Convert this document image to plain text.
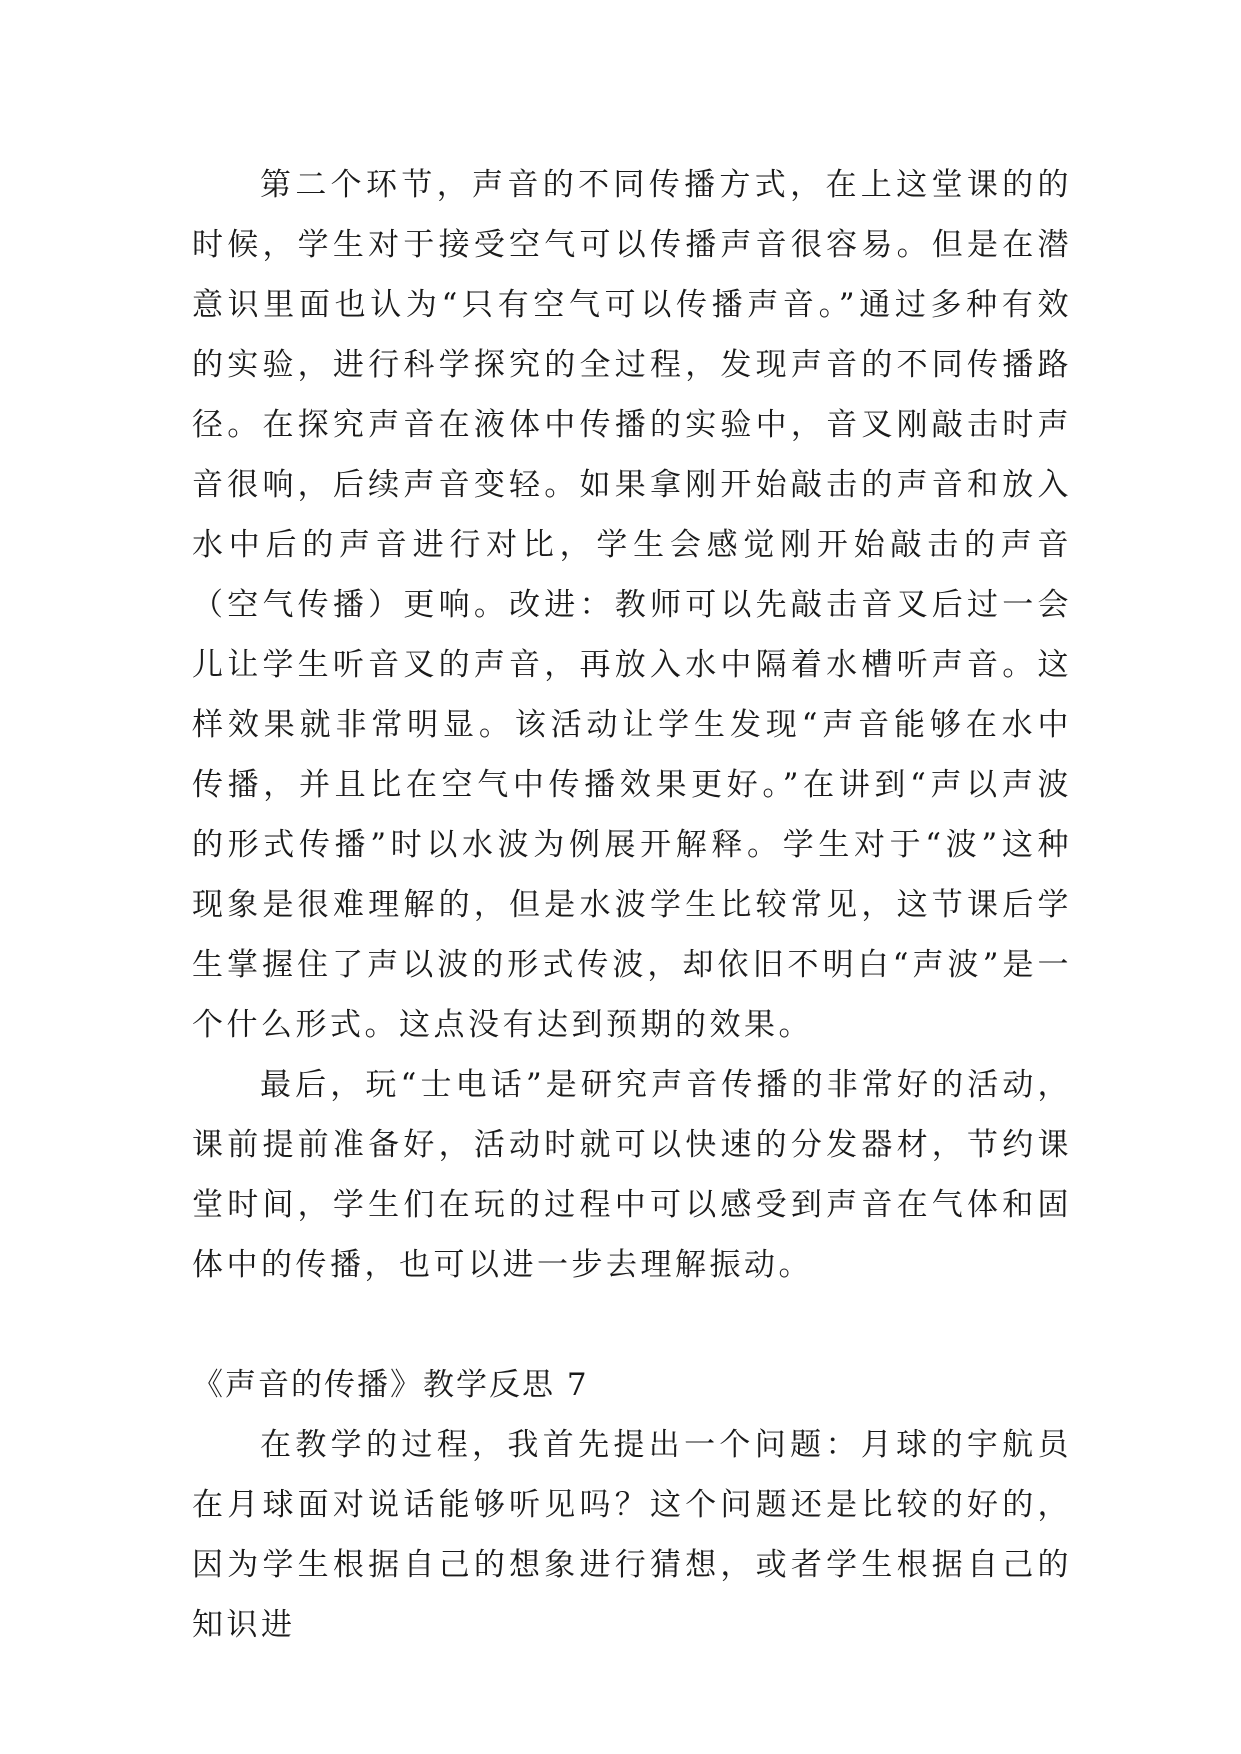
第二个环节，声音的不同传播方式，在上这堂课的的时候，学生对于接受空气可以传播声音很容易。但是在潜意识里面也认为“只有空气可以传播声音。”通过多种有效的实验，进行科学探究的全过程，发现声音的不同传播路径。在探究声音在液体中传播的实验中，音叉刚敲击时声音很响，后续声音变轻。如果拿刚开始敲击的声音和放入水中后的声音进行对比，学生会感觉刚开始敲击的声音（空气传播）更响。改进：教师可以先敲击音叉后过一会儿让学生听音叉的声音，再放入水中隔着水槽听声音。这样效果就非常明显。该活动让学生发现“声音能够在水中传播，并且比在空气中传播效果更好。”在讲到“声以声波的形式传播”时以水波为例展开解释。学生对于“波”这种现象是很难理解的，但是水波学生比较常见，这节课后学生掌握住了声以波的形式传波，却依旧不明白“声波”是一个什么形式。这点没有达到预期的效果。

最后，玩“士电话”是研究声音传播的非常好的活动，课前提前准备好，活动时就可以快速的分发器材，节约课堂时间，学生们在玩的过程中可以感受到声音在气体和固体中的传播，也可以进一步去理解振动。

《声音的传播》教学反思 7

在教学的过程，我首先提出一个问题：月球的宇航员在月球面对说话能够听见吗？这个问题还是比较的好的，因为学生根据自己的想象进行猜想，或者学生根据自己的知识进
